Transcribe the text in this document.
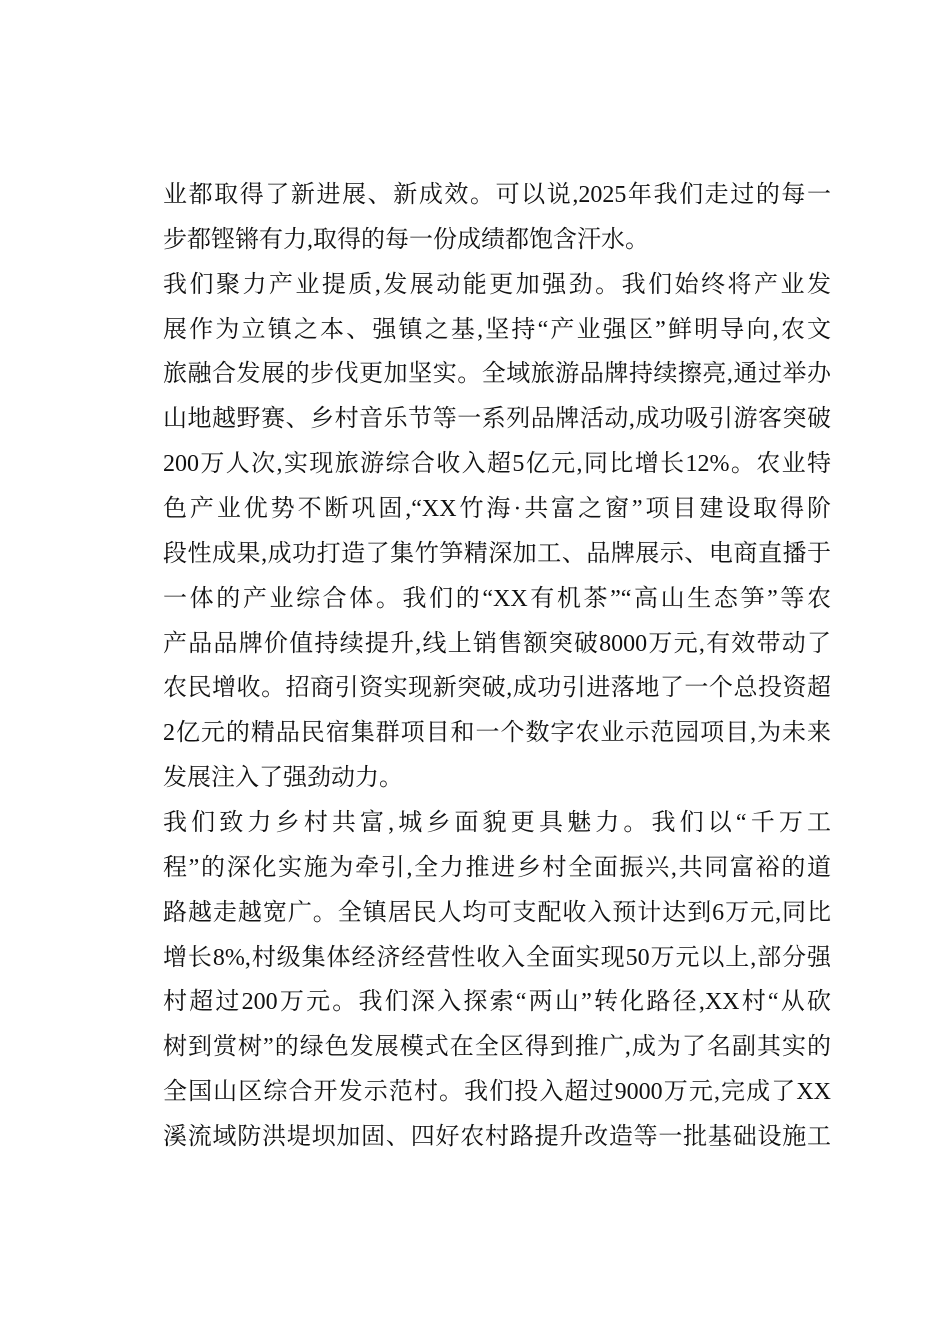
业都取得了新进展、新成效。可以说,2025年我们走过的每一
步都铿锵有力,取得的每一份成绩都饱含汗水。
我们聚力产业提质,发展动能更加强劲。我们始终将产业发
展作为立镇之本、强镇之基,坚持“产业强区”鲜明导向,农文
旅融合发展的步伐更加坚实。全域旅游品牌持续擦亮,通过举办
山地越野赛、乡村音乐节等一系列品牌活动,成功吸引游客突破
200万人次,实现旅游综合收入超5亿元,同比增长12%。农业特
色产业优势不断巩固,“XX竹海·共富之窗”项目建设取得阶
段性成果,成功打造了集竹笋精深加工、品牌展示、电商直播于
一体的产业综合体。我们的“XX有机茶”“高山生态笋”等农
产品品牌价值持续提升,线上销售额突破8000万元,有效带动了
农民增收。招商引资实现新突破,成功引进落地了一个总投资超
2亿元的精品民宿集群项目和一个数字农业示范园项目,为未来
发展注入了强劲动力。
我们致力乡村共富,城乡面貌更具魅力。我们以“千万工
程”的深化实施为牵引,全力推进乡村全面振兴,共同富裕的道
路越走越宽广。全镇居民人均可支配收入预计达到6万元,同比
增长8%,村级集体经济经营性收入全面实现50万元以上,部分强
村超过200万元。我们深入探索“两山”转化路径,XX村“从砍
树到赏树”的绿色发展模式在全区得到推广,成为了名副其实的
全国山区综合开发示范村。我们投入超过9000万元,完成了XX
溪流域防洪堤坝加固、四好农村路提升改造等一批基础设施工
